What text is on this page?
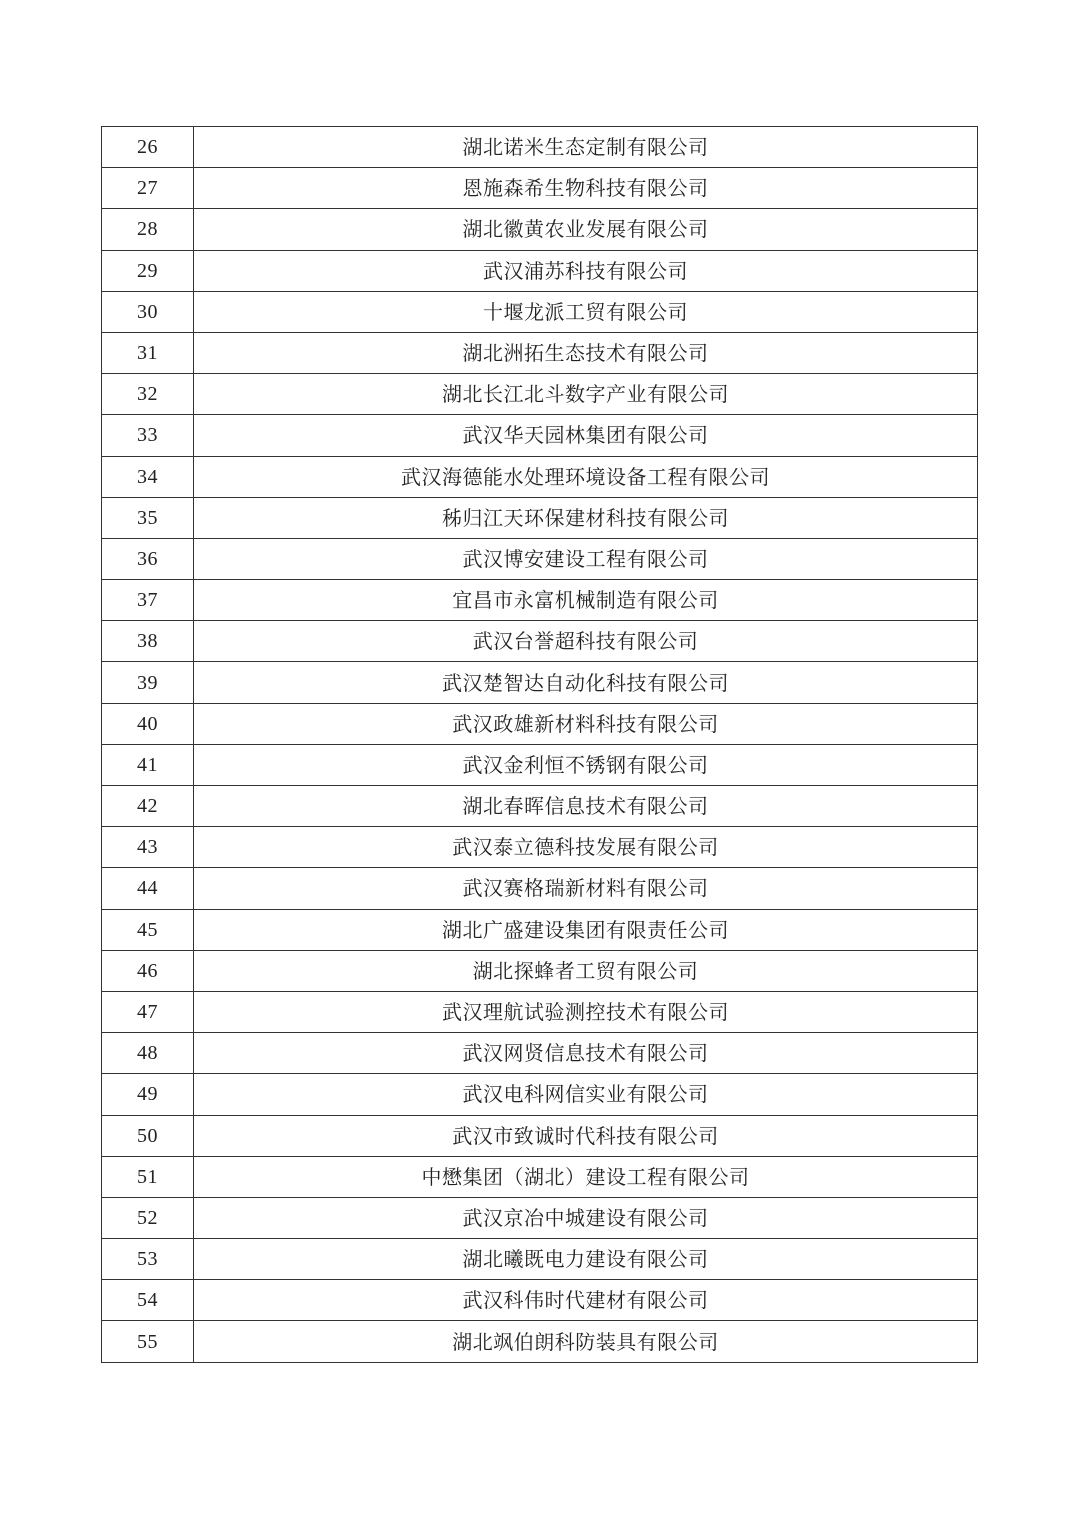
26	湖北诺米生态定制有限公司
27	恩施森希生物科技有限公司
28	湖北徽黄农业发展有限公司
29	武汉浦苏科技有限公司
30	十堰龙派工贸有限公司
31	湖北洲拓生态技术有限公司
32	湖北长江北斗数字产业有限公司
33	武汉华天园林集团有限公司
34	武汉海德能水处理环境设备工程有限公司
35	秭归江天环保建材科技有限公司
36	武汉博安建设工程有限公司
37	宜昌市永富机械制造有限公司
38	武汉台誉超科技有限公司
39	武汉楚智达自动化科技有限公司
40	武汉政雄新材料科技有限公司
41	武汉金利恒不锈钢有限公司
42	湖北春晖信息技术有限公司
43	武汉泰立德科技发展有限公司
44	武汉赛格瑞新材料有限公司
45	湖北广盛建设集团有限责任公司
46	湖北探蜂者工贸有限公司
47	武汉理航试验测控技术有限公司
48	武汉网贤信息技术有限公司
49	武汉电科网信实业有限公司
50	武汉市致诚时代科技有限公司
51	中懋集团（湖北）建设工程有限公司
52	武汉京冶中城建设有限公司
53	湖北曦既电力建设有限公司
54	武汉科伟时代建材有限公司
55	湖北飒伯朗科防装具有限公司
